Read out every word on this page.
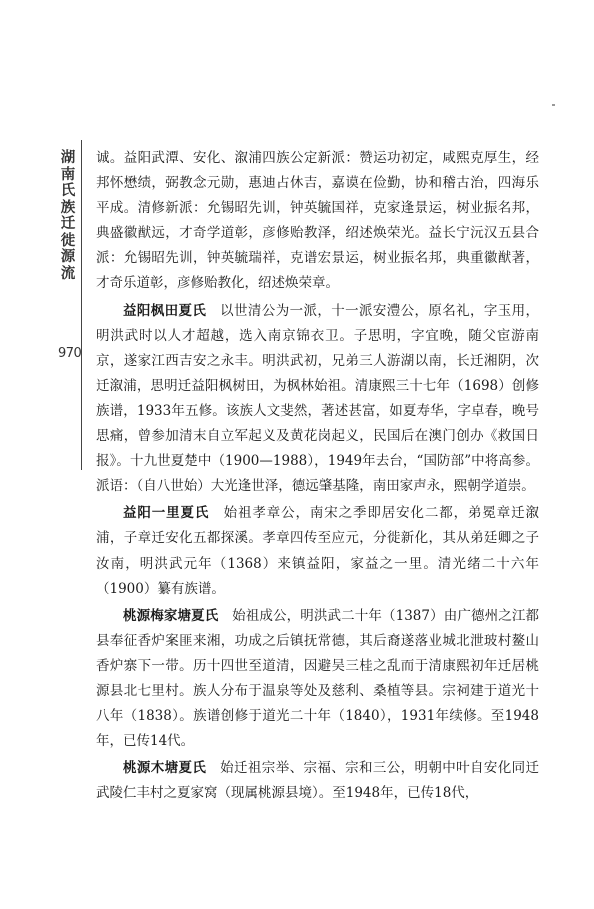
湖南氏族迁徙源流
970

诚。益阳武潭、安化、溆浦四族公定新派：赞运功初定，咸熙克厚生，经邦怀懋绩，弼教念元勋，惠迪占休吉，嘉谟在俭勤，协和稽古治，四海乐平成。清修新派：允锡昭先训，钟英毓国祥，克家逢景运，树业振名邦，典盛徽猷远，才奇学道彰，彦修贻教泽，绍述焕荣光。益长宁沅汉五县合派：允锡昭先训，钟英毓瑞祥，克谱宏景运，树业振名邦，典重徽猷著，才奇乐道彰，彦修贻教化，绍述焕荣章。

益阳枫田夏氏　 以世清公为一派，十一派安澧公，原名礼，字玉用，明洪武时以人才超越，选入南京锦衣卫。子思明，字宜晚，随父宦游南京，遂家江西吉安之永丰。明洪武初，兄弟三人游湖以南，长迁湘阴，次迁溆浦，思明迁益阳枫树田，为枫林始祖。清康熙三十七年（1698）创修族谱，1933年五修。该族人文斐然，著述甚富，如夏寿华，字卓春，晚号思痛，曾参加清末自立军起义及黄花岗起义，民国后在澳门创办《救国日报》。十九世夏楚中（1900—1988），1949年去台，“国防部”中将高参。派语：（自八世始）大光逢世泽，德远肇基隆，南田家声永，熙朝学道崇。

益阳一里夏氏　 始祖孝章公，南宋之季即居安化二都，弟冕章迁溆浦，子章迁安化五都探溪。孝章四传至应元，分徙新化，其从弟廷卿之子汝南，明洪武元年（1368）来镇益阳，家益之一里。清光绪二十六年（1900）纂有族谱。

桃源梅家塘夏氏　 始祖成公，明洪武二十年（1387）由广德州之江都县奉征香炉案匪来湘，功成之后镇抚常德，其后裔遂落业城北泄玻村鳌山香炉寨下一带。历十四世至道清，因避吴三桂之乱而于清康熙初年迁居桃源县北七里村。族人分布于温泉等处及慈利、桑植等县。宗祠建于道光十八年（1838）。族谱创修于道光二十年（1840），1931年续修。至1948年，已传14代。

桃源木塘夏氏　 始迁祖宗举、宗福、宗和三公，明朝中叶自安化同迁武陵仁丰村之夏家窝（现属桃源县境）。至1948年，已传18代，
